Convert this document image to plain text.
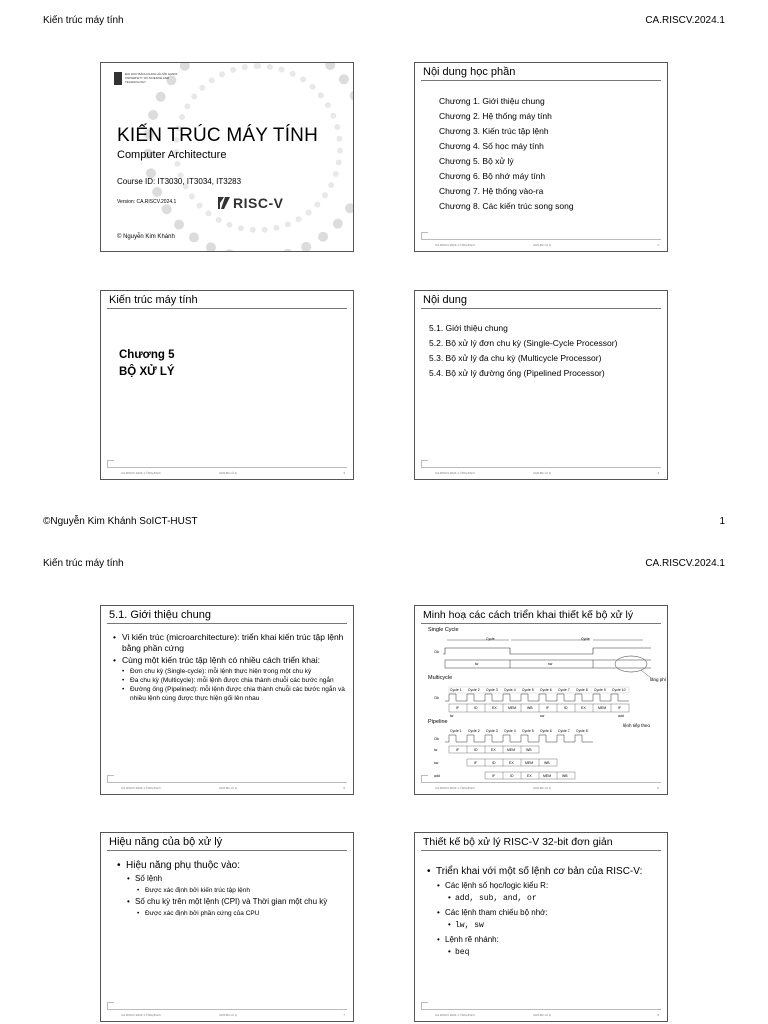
Kiến trúc máy tính	CA.RISCV.2024.1
ĐẠI HỌC BÁCH KHOA HÀ NỘI HANOI UNIVERSITY OF SCIENCE AND TECHNOLOGY
KIẾN TRÚC MÁY TÍNH
Computer Architecture
Course ID: IT3030, IT3034, IT3283
Version: CA.RISCV.2024.1	RISC-V
© Nguyễn Kim Khánh
Nội dung học phần
Chương 1. Giới thiệu chung
Chương 2. Hệ thống máy tính
Chương 3. Kiến trúc tập lệnh
Chương 4. Số học máy tính
Chương 5. Bộ xử lý
Chương 6. Bộ nhớ máy tính
Chương 7. Hệ thống vào-ra
Chương 8. Các kiến trúc song song
CA.RISCV.2024.1 ©NKpKhnh	CH5-Bộ xử lý	2
Kiến trúc máy tính
Chương 5
BỘ XỬ LÝ
CA.RISCV.2024.1 ©NKpKhnh	CH5-Bộ xử lý	3
Nội dung
5.1. Giới thiệu chung
5.2. Bộ xử lý đơn chu kỳ (Single-Cycle Processor)
5.3. Bộ xử lý đa chu kỳ (Multicycle Processor)
5.4. Bộ xử lý đường ống (Pipelined Processor)
CA.RISCV.2024.1 ©NKpKhnh	CH5-Bộ xử lý	4
©Nguyễn Kim Khánh SoICT-HUST	1
Kiến trúc máy tính	CA.RISCV.2024.1
5.1. Giới thiệu chung
• Vi kiến trúc (microarchitecture): triển khai kiến trúc tập lệnh bằng phần cứng
• Cùng một kiến trúc tập lệnh có nhiều cách triển khai:
• Đơn chu kỳ (Single-cycle): mỗi lệnh thực hiện trong một chu kỳ
• Đa chu kỳ (Multicycle): mỗi lệnh được chia thành chuỗi các bước ngắn
• Đường ống (Pipelined): mỗi lệnh được chia thành chuỗi các bước ngắn và nhiều lệnh cùng được thực hiện gối lên nhau
CA.RISCV.2024.1 ©NKpKhnh	CH5-Bộ xử lý	5
Minh hoạ các cách triển khai thiết kế bộ xử lý
Single Cycle
Cycle	Cycle
Clk
lw	sw
lãng phí
Multicycle
Cycle 1 Cycle 2 Cycle 3 Cycle 4 Cycle 5 Cycle 6 Cycle 7 Cycle 8 Cycle 9 Cycle 10
Clk
IF	ID	EX	MEM	WB	IF	ID	EX	MEM	IF
lw	sw	add
lệnh tiếp theo
Pipeline
Cycle 1 Cycle 2 Cycle 3 Cycle 4 Cycle 5 Cycle 6 Cycle 7 Cycle 8
Clk
lw
sw
add
IF	ID	EX	MEM	WB
IF	ID	EX	MEM	WB
IF	ID	EX	MEM	WB
CA.RISCV.2024.1 ©NKpKhnh	CH5-Bộ xử lý	6
Hiệu năng của bộ xử lý
• Hiệu năng phụ thuộc vào:
• Số lệnh
• Được xác định bởi kiến trúc tập lệnh
• Số chu kỳ trên một lệnh (CPI) và Thời gian một chu kỳ
• Được xác định bởi phần cứng của CPU
CA.RISCV.2024.1 ©NKpKhnh	CH5-Bộ xử lý	7
Thiết kế bộ xử lý RISC-V 32-bit đơn giản
• Triển khai với một số lệnh cơ bản của RISC-V:
• Các lệnh số học/logic kiểu R:
• add, sub, and, or
• Các lệnh tham chiếu bộ nhớ:
• lw, sw
• Lệnh rẽ nhánh:
• beq
CA.RISCV.2024.1 ©NKpKhnh	CH5-Bộ xử lý	8
